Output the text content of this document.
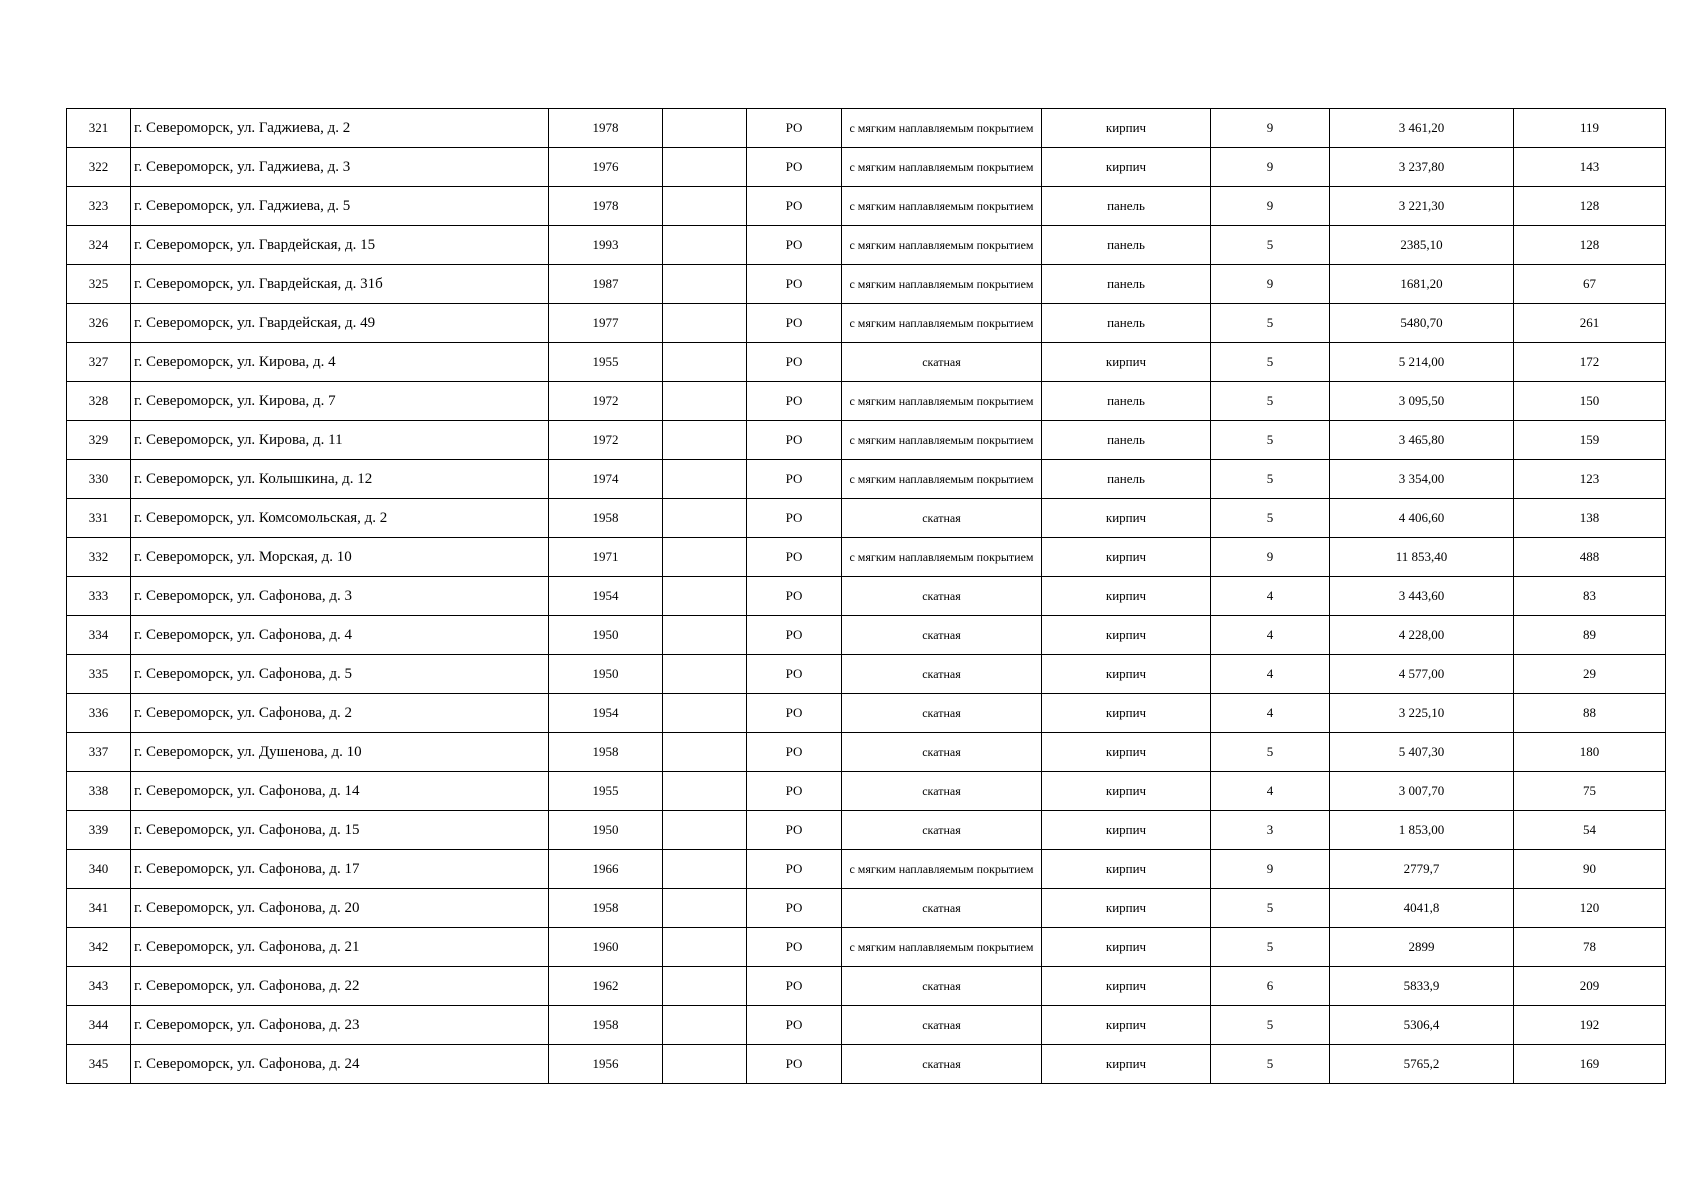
321	г. Североморск, ул. Гаджиева, д. 2	1978		РО	с мягким наплавляемым покрытием	кирпич	9	3 461,20	119
322	г. Североморск, ул. Гаджиева, д. 3	1976		РО	с мягким наплавляемым покрытием	кирпич	9	3 237,80	143
323	г. Североморск, ул. Гаджиева, д. 5	1978		РО	с мягким наплавляемым покрытием	панель	9	3 221,30	128
324	г. Североморск, ул. Гвардейская, д. 15	1993		РО	с мягким наплавляемым покрытием	панель	5	2385,10	128
325	г. Североморск, ул. Гвардейская, д. 31б	1987		РО	с мягким наплавляемым покрытием	панель	9	1681,20	67
326	г. Североморск, ул. Гвардейская, д. 49	1977		РО	с мягким наплавляемым покрытием	панель	5	5480,70	261
327	г. Североморск, ул. Кирова, д. 4	1955		РО	скатная	кирпич	5	5 214,00	172
328	г. Североморск, ул. Кирова, д. 7	1972		РО	с мягким наплавляемым покрытием	панель	5	3 095,50	150
329	г. Североморск, ул. Кирова, д. 11	1972		РО	с мягким наплавляемым покрытием	панель	5	3 465,80	159
330	г. Североморск, ул. Колышкина, д. 12	1974		РО	с мягким наплавляемым покрытием	панель	5	3 354,00	123
331	г. Североморск, ул. Комсомольская, д. 2	1958		РО	скатная	кирпич	5	4 406,60	138
332	г. Североморск, ул. Морская, д. 10	1971		РО	с мягким наплавляемым покрытием	кирпич	9	11 853,40	488
333	г. Североморск, ул. Сафонова, д. 3	1954		РО	скатная	кирпич	4	3 443,60	83
334	г. Североморск, ул. Сафонова, д. 4	1950		РО	скатная	кирпич	4	4 228,00	89
335	г. Североморск, ул. Сафонова, д. 5	1950		РО	скатная	кирпич	4	4 577,00	29
336	г. Североморск, ул. Сафонова, д. 2	1954		РО	скатная	кирпич	4	3 225,10	88
337	г. Североморск, ул. Душенова, д. 10	1958		РО	скатная	кирпич	5	5 407,30	180
338	г. Североморск, ул. Сафонова, д. 14	1955		РО	скатная	кирпич	4	3 007,70	75
339	г. Североморск, ул. Сафонова, д. 15	1950		РО	скатная	кирпич	3	1 853,00	54
340	г. Североморск, ул. Сафонова, д. 17	1966		РО	с мягким наплавляемым покрытием	кирпич	9	2779,7	90
341	г. Североморск, ул. Сафонова, д. 20	1958		РО	скатная	кирпич	5	4041,8	120
342	г. Североморск, ул. Сафонова, д. 21	1960		РО	с мягким наплавляемым покрытием	кирпич	5	2899	78
343	г. Североморск, ул. Сафонова, д. 22	1962		РО	скатная	кирпич	6	5833,9	209
344	г. Североморск, ул. Сафонова, д. 23	1958		РО	скатная	кирпич	5	5306,4	192
345	г. Североморск, ул. Сафонова, д. 24	1956		РО	скатная	кирпич	5	5765,2	169
